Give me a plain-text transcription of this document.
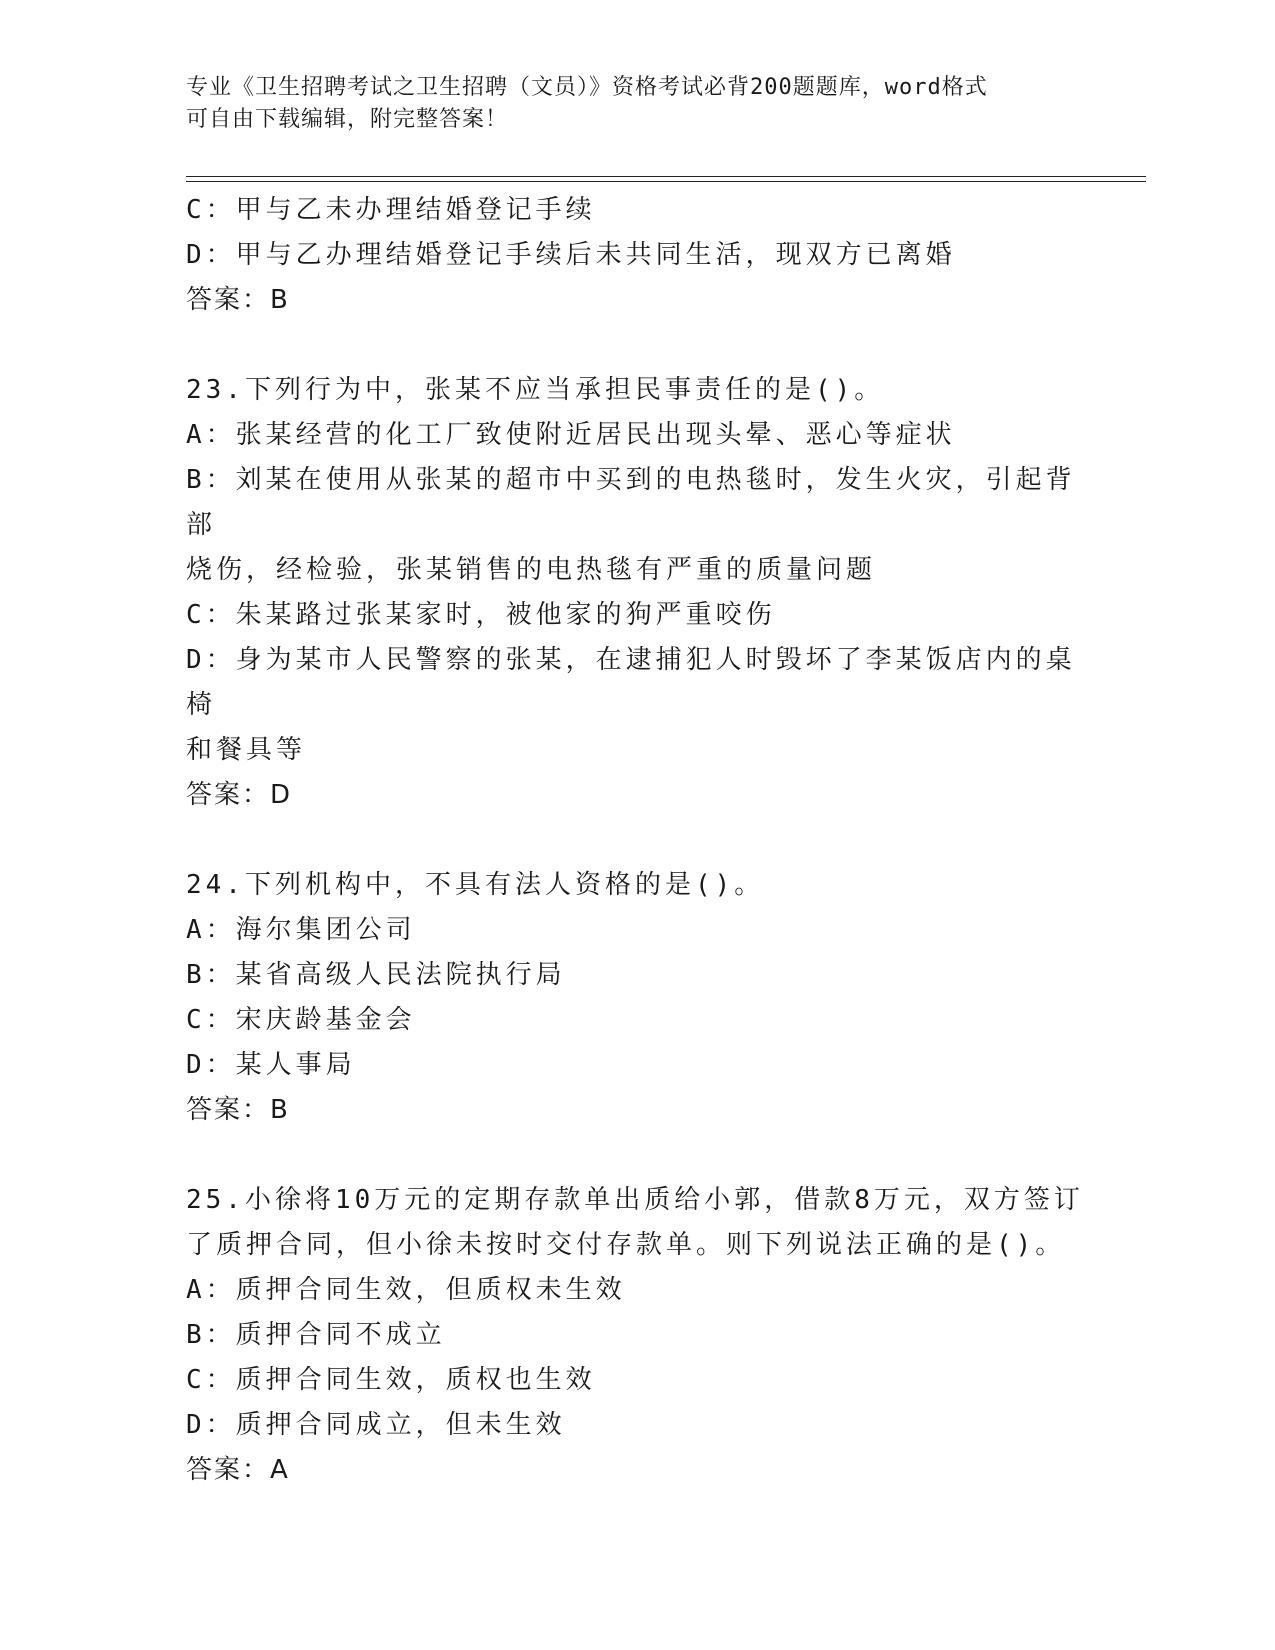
专业《卫生招聘考试之卫生招聘（文员）》资格考试必背200题题库，word格式
可自由下载编辑，附完整答案！
C：甲与乙未办理结婚登记手续
D：甲与乙办理结婚登记手续后未共同生活，现双方已离婚
答案：B
23.下列行为中，张某不应当承担民事责任的是()。
A：张某经营的化工厂致使附近居民出现头晕、恶心等症状
B：刘某在使用从张某的超市中买到的电热毯时，发生火灾，引起背部
烧伤，经检验，张某销售的电热毯有严重的质量问题
C：朱某路过张某家时，被他家的狗严重咬伤
D：身为某市人民警察的张某，在逮捕犯人时毁坏了李某饭店内的桌椅
和餐具等
答案：D
24.下列机构中，不具有法人资格的是()。
A：海尔集团公司
B：某省高级人民法院执行局
C：宋庆龄基金会
D：某人事局
答案：B
25.小徐将10万元的定期存款单出质给小郭，借款8万元，双方签订
了质押合同，但小徐未按时交付存款单。则下列说法正确的是()。
A：质押合同生效，但质权未生效
B：质押合同不成立
C：质押合同生效，质权也生效
D：质押合同成立，但未生效
答案：A
